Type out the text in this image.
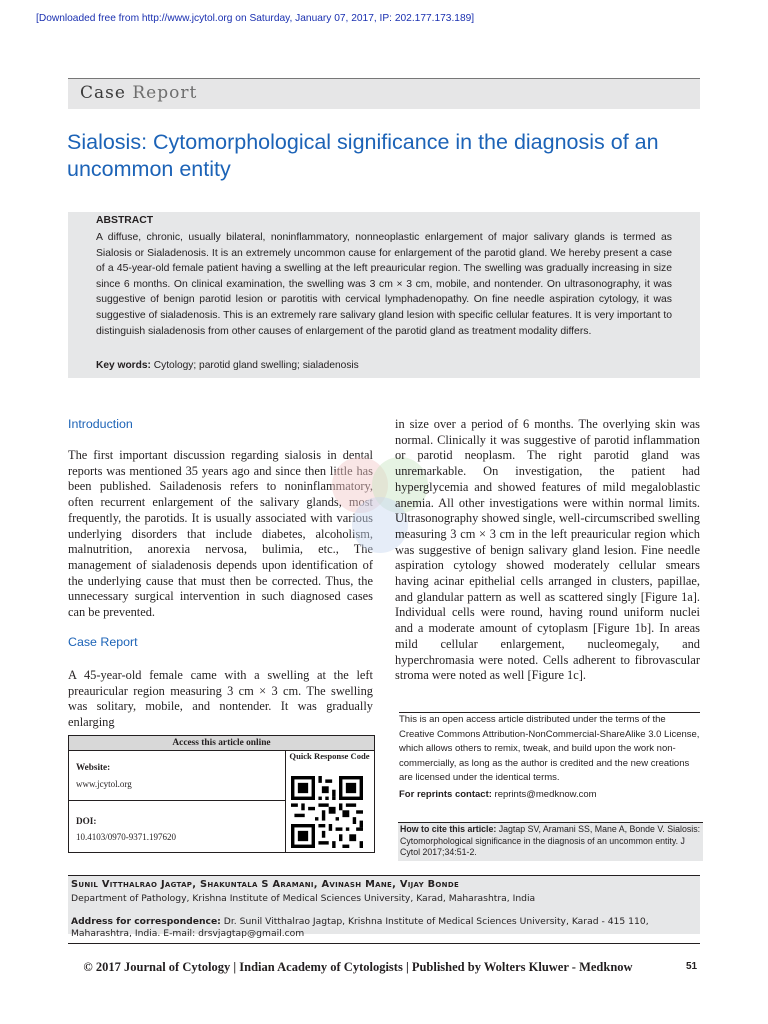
[Downloaded free from http://www.jcytol.org on Saturday, January 07, 2017, IP: 202.177.173.189]
Case Report
Sialosis: Cytomorphological significance in the diagnosis of an uncommon entity
ABSTRACT
A diffuse, chronic, usually bilateral, noninflammatory, nonneoplastic enlargement of major salivary glands is termed as Sialosis or Sialadenosis. It is an extremely uncommon cause for enlargement of the parotid gland. We hereby present a case of a 45-year-old female patient having a swelling at the left preauricular region. The swelling was gradually increasing in size since 6 months. On clinical examination, the swelling was 3 cm × 3 cm, mobile, and nontender. On ultrasonography, it was suggestive of benign parotid lesion or parotitis with cervical lymphadenopathy. On fine needle aspiration cytology, it was suggestive of sialadenosis. This is an extremely rare salivary gland lesion with specific cellular features. It is very important to distinguish sialadenosis from other causes of enlargement of the parotid gland as treatment modality differs.
Key words: Cytology; parotid gland swelling; sialadenosis
Introduction
The first important discussion regarding sialosis in dental reports was mentioned 35 years ago and since then little has been published. Sailadenosis refers to noninflammatory, often recurrent enlargement of the salivary glands, most frequently, the parotids. It is usually associated with various underlying disorders that include diabetes, alcoholism, malnutrition, anorexia nervosa, bulimia, etc., The management of sialadenosis depends upon identification of the underlying cause that must then be corrected. Thus, the unnecessary surgical intervention in such diagnosed cases can be prevented.
Case Report
A 45-year-old female came with a swelling at the left preauricular region measuring 3 cm × 3 cm. The swelling was solitary, mobile, and nontender. It was gradually enlarging
in size over a period of 6 months. The overlying skin was normal. Clinically it was suggestive of parotid inflammation or parotid neoplasm. The right parotid gland was unremarkable. On investigation, the patient had hyperglycemia and showed features of mild megaloblastic anemia. All other investigations were within normal limits. Ultrasonography showed single, well-circumscribed swelling measuring 3 cm × 3 cm in the left preauricular region which was suggestive of benign salivary gland lesion. Fine needle aspiration cytology showed moderately cellular smears having acinar epithelial cells arranged in clusters, papillae, and glandular pattern as well as scattered singly [Figure 1a]. Individual cells were round, having round uniform nuclei and a moderate amount of cytoplasm [Figure 1b]. In areas mild cellular enlargement, nucleomegaly, and hyperchromasia were noted. Cells adherent to fibrovascular stroma were noted as well [Figure 1c].
Access this article online
Website:
www.jcytol.org
DOI:
10.4103/0970-9371.197620
Quick Response Code
This is an open access article distributed under the terms of the Creative Commons Attribution-NonCommercial-ShareAlike 3.0 License, which allows others to remix, tweak, and build upon the work non-commercially, as long as the author is credited and the new creations are licensed under the identical terms.
For reprints contact: reprints@medknow.com
How to cite this article: Jagtap SV, Aramani SS, Mane A, Bonde V. Sialosis: Cytomorphological significance in the diagnosis of an uncommon entity. J Cytol 2017;34:51-2.
Sunil Vitthalrao Jagtap, Shakuntala S Aramani, Avinash Mane, Vijay Bonde
Department of Pathology, Krishna Institute of Medical Sciences University, Karad, Maharashtra, India
Address for correspondence: Dr. Sunil Vitthalrao Jagtap, Krishna Institute of Medical Sciences University, Karad - 415 110, Maharashtra, India. E-mail: drsvjagtap@gmail.com
© 2017 Journal of Cytology | Indian Academy of Cytologists | Published by Wolters Kluwer - Medknow	51
